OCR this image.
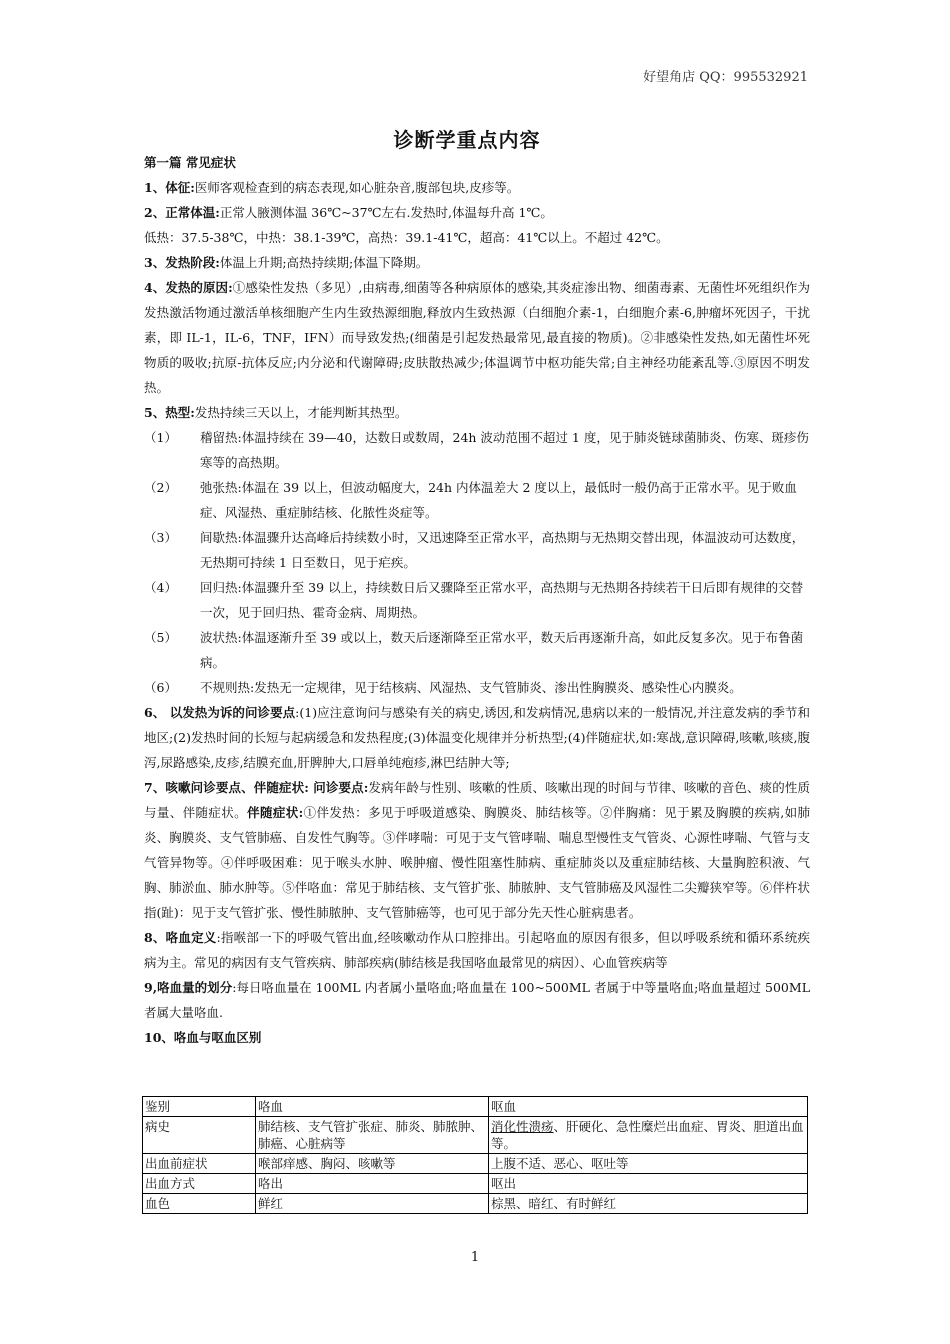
好望角店 QQ：995532921
诊断学重点内容

第一篇 常见症状

1、体征:医师客观检查到的病态表现,如心脏杂音,腹部包块,皮疹等。

2、正常体温:正常人腋测体温 36℃~37℃左右.发热时,体温每升高 1℃。

低热：37.5-38℃，中热：38.1-39℃，高热：39.1-41℃，超高：41℃以上。不超过 42℃。

3、发热阶段:体温上升期;高热持续期;体温下降期。

4、发热的原因:①感染性发热（多见）,由病毒,细菌等各种病原体的感染,其炎症渗出物、细菌毒素、无菌性坏死组织作为发热激活物通过激活单核细胞产生内生致热源细胞,释放内生致热源（白细胞介素-1，白细胞介素-6,肿瘤坏死因子，干扰素，即 IL-1，IL-6，TNF，IFN）而导致发热;(细菌是引起发热最常见,最直接的物质)。②非感染性发热,如无菌性坏死物质的吸收;抗原-抗体反应;内分泌和代谢障碍;皮肤散热减少;体温调节中枢功能失常;自主神经功能紊乱等.③原因不明发热。

5、热型:发热持续三天以上，才能判断其热型。

（1）	稽留热:体温持续在 39—40，达数日或数周，24h 波动范围不超过 1 度，见于肺炎链球菌肺炎、伤寒、斑疹伤寒等的高热期。
（2）	弛张热:体温在 39 以上，但波动幅度大，24h 内体温差大 2 度以上，最低时一般仍高于正常水平。见于败血症、风湿热、重症肺结核、化脓性炎症等。
（3）	间歇热:体温骤升达高峰后持续数小时，又迅速降至正常水平，高热期与无热期交替出现，体温波动可达数度，无热期可持续 1 日至数日，见于疟疾。
（4）	回归热:体温骤升至 39 以上，持续数日后又骤降至正常水平，高热期与无热期各持续若干日后即有规律的交替一次，见于回归热、霍奇金病、周期热。
（5）	波状热:体温逐渐升至 39 或以上，数天后逐渐降至正常水平，数天后再逐渐升高，如此反复多次。见于布鲁菌病。
（6）	不规则热:发热无一定规律，见于结核病、风湿热、支气管肺炎、渗出性胸膜炎、感染性心内膜炎。

6、 以发热为诉的问诊要点:(1)应注意询问与感染有关的病史,诱因,和发病情况,患病以来的一般情况,并注意发病的季节和地区;(2)发热时间的长短与起病缓急和发热程度;(3)体温变化规律并分析热型;(4)伴随症状,如:寒战,意识障碍,咳嗽,咳痰,腹泻,尿路感染,皮疹,结膜充血,肝脾肿大,口唇单纯疱疹,淋巴结肿大等;

7、咳嗽问诊要点、伴随症状: 问诊要点:发病年龄与性别、咳嗽的性质、咳嗽出现的时间与节律、咳嗽的音色、痰的性质与量、伴随症状。伴随症状:①伴发热：多见于呼吸道感染、胸膜炎、肺结核等。②伴胸痛：见于累及胸膜的疾病,如肺炎、胸膜炎、支气管肺癌、自发性气胸等。③伴哮喘：可见于支气管哮喘、喘息型慢性支气管炎、心源性哮喘、气管与支气管异物等。④伴呼吸困难：见于喉头水肿、喉肿瘤、慢性阻塞性肺病、重症肺炎以及重症肺结核、大量胸腔积液、气胸、肺淤血、肺水肿等。⑤伴咯血：常见于肺结核、支气管扩张、肺脓肿、支气管肺癌及风湿性二尖瓣狭窄等。⑥伴杵状指(趾)：见于支气管扩张、慢性肺脓肿、支气管肺癌等，也可见于部分先天性心脏病患者。

8、咯血定义:指喉部一下的呼吸气管出血,经咳嗽动作从口腔排出。引起咯血的原因有很多，但以呼吸系统和循环系统疾病为主。常见的病因有支气管疾病、肺部疾病(肺结核是我国咯血最常见的病因）、心血管疾病等

9,咯血量的划分:每日咯血量在 100ML 内者属小量咯血;咯血量在 100~500ML 者属于中等量咯血;咯血量超过 500ML 者属大量咯血.

10、咯血与呕血区别

鉴别	咯血	呕血
病史	肺结核、支气管扩张症、肺炎、肺脓肿、肺癌、心脏病等	消化性溃疡、肝硬化、急性糜烂出血症、胃炎、胆道出血等。
出血前症状	喉部痒感、胸闷、咳嗽等	上腹不适、恶心、呕吐等
出血方式	咯出	呕出
血色	鲜红	棕黑、暗红、有时鲜红
1
